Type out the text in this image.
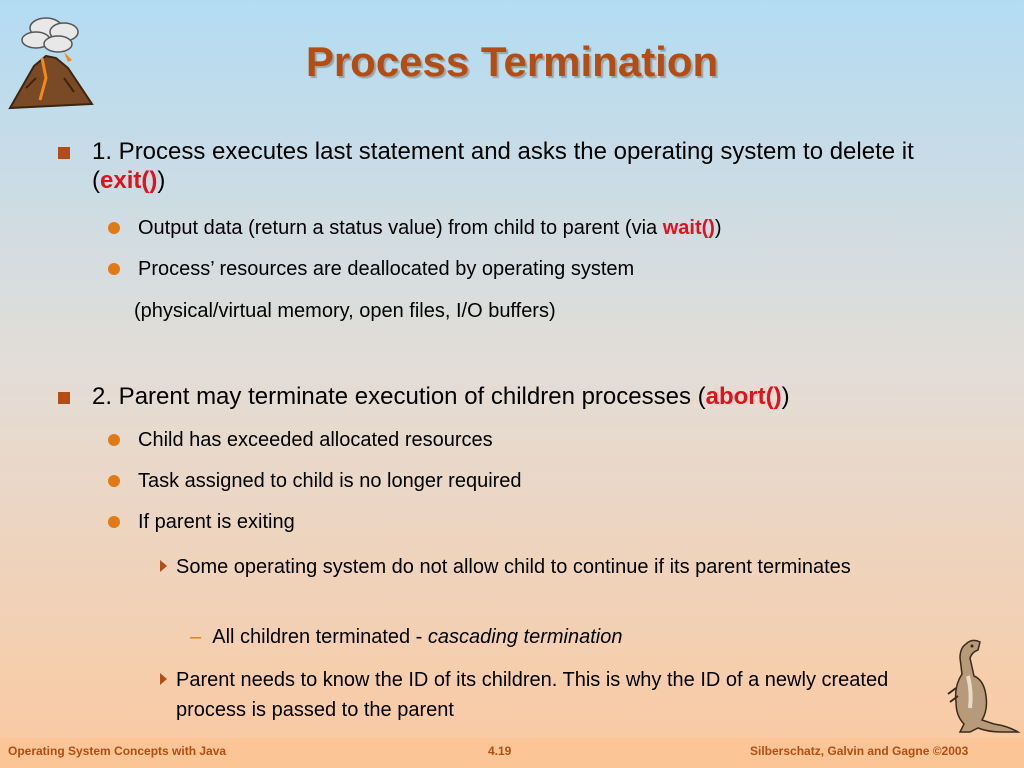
Process Termination
1. Process executes last statement and asks the operating system to delete it (exit())
Output data (return a status value) from child to parent (via wait())
Process’ resources are deallocated by operating system
(physical/virtual memory, open files, I/O buffers)
2. Parent may terminate execution of children processes (abort())
Child has exceeded allocated resources
Task assigned to child is no longer required
If parent is exiting
Some operating system do not allow child to continue if its parent terminates
– All children terminated - cascading termination
Parent needs to know the ID of its children. This is why the ID of a newly created process is passed to the parent
Operating System Concepts with Java	4.19	Silberschatz, Galvin and Gagne ©2003
